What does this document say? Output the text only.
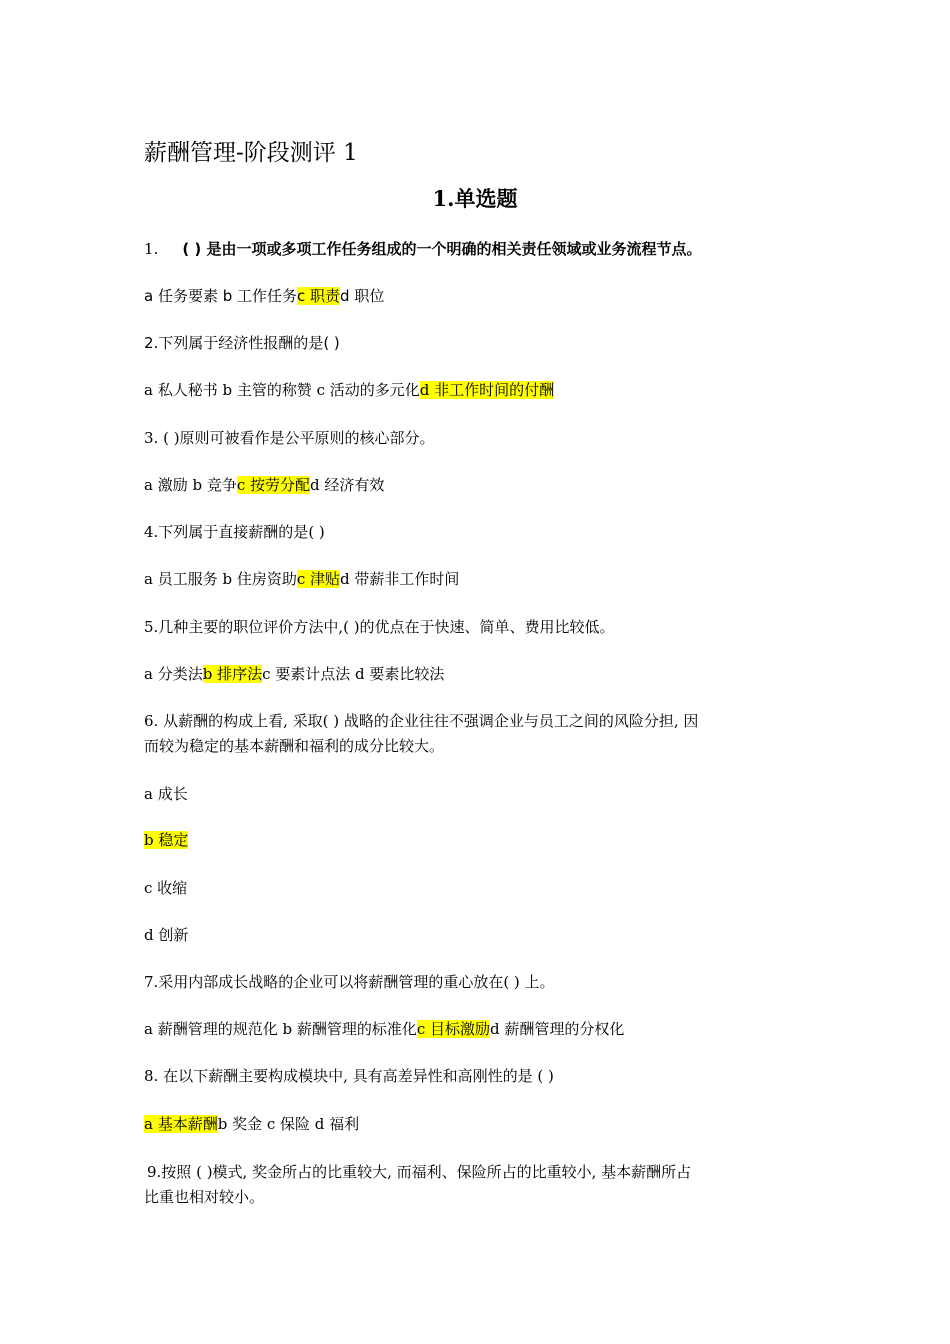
薪酬管理-阶段测评 1
1.单选题
1. ( ) 是由一项或多项工作任务组成的一个明确的相关责任领域或业务流程节点。
a 任务要素 b 工作任务c 职责d 职位
2.下列属于经济性报酬的是( )
a 私人秘书 b 主管的称赞 c 活动的多元化d 非工作时间的付酬
3. ( )原则可被看作是公平原则的核心部分。
a 激励 b 竞争c 按劳分配d 经济有效
4.下列属于直接薪酬的是( )
a 员工服务 b 住房资助c 津贴d 带薪非工作时间
5.几种主要的职位评价方法中,( )的优点在于快速、简单、费用比较低。
a 分类法b 排序法c 要素计点法 d 要素比较法
6. 从薪酬的构成上看, 采取( ) 战略的企业往往不强调企业与员工之间的风险分担, 因
而较为稳定的基本薪酬和福利的成分比较大。
a 成长
b 稳定
c 收缩
d 创新
7.采用内部成长战略的企业可以将薪酬管理的重心放在( ) 上。
a 薪酬管理的规范化 b 薪酬管理的标准化c 目标激励d 薪酬管理的分权化
8. 在以下薪酬主要构成模块中, 具有高差异性和高刚性的是 ( )
a 基本薪酬b 奖金 c 保险 d 福利
9.按照 ( )模式, 奖金所占的比重较大, 而福利、保险所占的比重较小, 基本薪酬所占
比重也相对较小。
